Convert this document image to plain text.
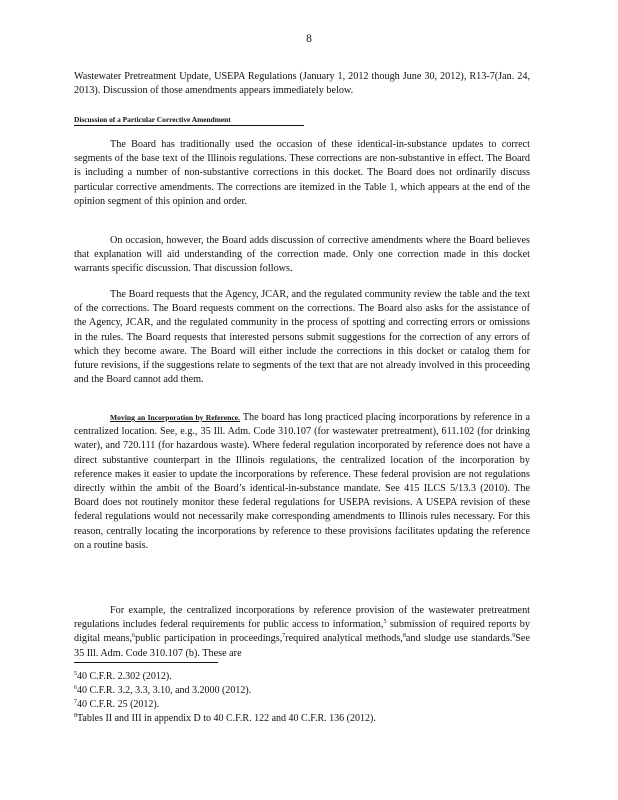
8
Wastewater Pretreatment Update, USEPA Regulations (January 1, 2012 though June 30, 2012), R13-7(Jan. 24, 2013). Discussion of those amendments appears immediately below.
Discussion of a Particular Corrective Amendment
The Board has traditionally used the occasion of these identical-in-substance updates to correct segments of the base text of the Illinois regulations. These corrections are non-substantive in effect. The Board is including a number of non-substantive corrections in this docket. The Board does not ordinarily discuss particular corrective amendments. The corrections are itemized in the Table 1, which appears at the end of the opinion segment of this opinion and order.
On occasion, however, the Board adds discussion of corrective amendments where the Board believes that explanation will aid understanding of the correction made. Only one correction made in this docket warrants specific discussion. That discussion follows.
The Board requests that the Agency, JCAR, and the regulated community review the table and the text of the corrections. The Board requests comment on the corrections. The Board also asks for the assistance of the Agency, JCAR, and the regulated community in the process of spotting and correcting errors or omissions in the rules. The Board requests that interested persons submit suggestions for the correction of any errors of which they become aware. The Board will either include the corrections in this docket or catalog them for future revisions, if the suggestions relate to segments of the text that are not already involved in this proceeding and the Board cannot add them.
Moving an Incorporation by Reference. The board has long practiced placing incorporations by reference in a centralized location. See, e.g., 35 Ill. Adm. Code 310.107 (for wastewater pretreatment), 611.102 (for drinking water), and 720.111 (for hazardous waste). Where federal regulation incorporated by reference does not have a direct substantive counterpart in the Illinois regulations, the centralized location of the incorporation by reference makes it easier to update the incorporations by reference. These federal provision are not regulations directly within the ambit of the Board’s identical-in-substance mandate. See 415 ILCS 5/13.3 (2010). The Board does not routinely monitor these federal regulations for USEPA revisions. A USEPA revision of these federal regulations would not necessarily make corresponding amendments to Illinois rules necessary. For this reason, centrally locating the incorporations by reference to these provisions facilitates updating the reference on a routine basis.
For example, the centralized incorporations by reference provision of the wastewater pretreatment regulations includes federal requirements for public access to information,$^5$ submission of required reports by digital means,$^6$public participation in proceedings,$^7$required analytical methods,$^8$and sludge use standards.$^9$See 35 Ill. Adm. Code 310.107 (b). These are
$^5$40 C.F.R. 2.302 (2012).
$^6$40 C.F.R. 3.2, 3.3, 3.10, and 3.2000 (2012).
$^7$40 C.F.R. 25 (2012).
$^8$Tables II and III in appendix D to 40 C.F.R. 122 and 40 C.F.R. 136 (2012).
